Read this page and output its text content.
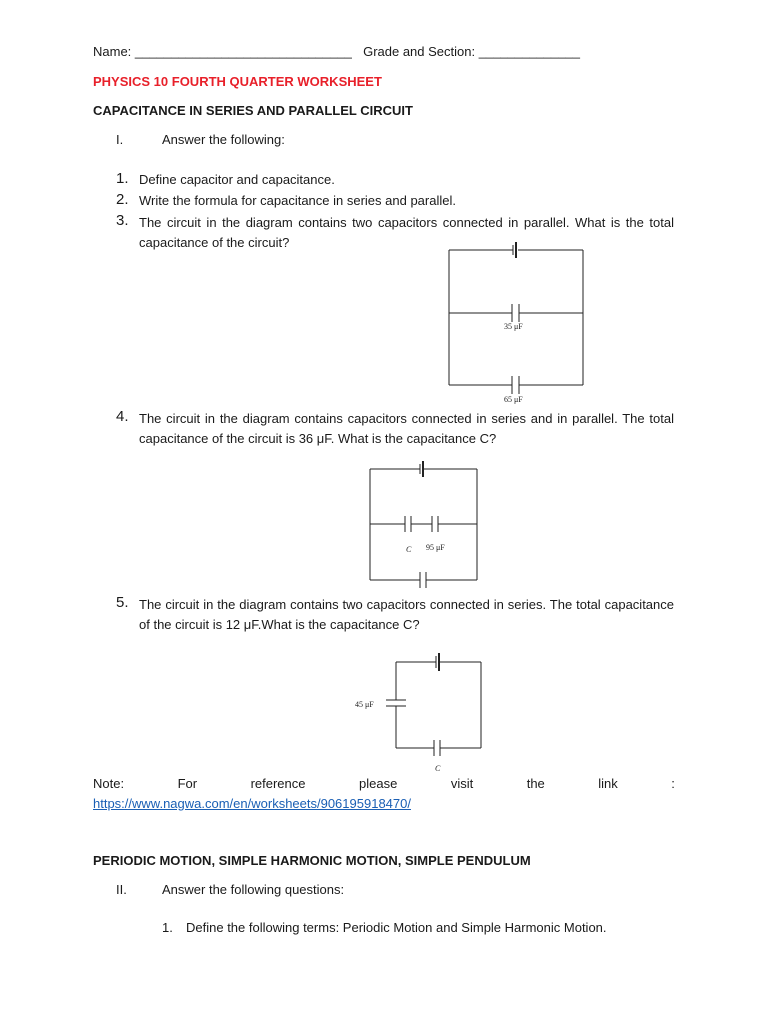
Name: ______________________________ Grade and Section: ______________
PHYSICS 10 FOURTH QUARTER WORKSHEET
CAPACITANCE IN SERIES AND PARALLEL CIRCUIT
I.	Answer the following:
1. Define capacitor and capacitance.
2. Write the formula for capacitance in series and parallel.
3. The circuit in the diagram contains two capacitors connected in parallel. What is the total capacitance of the circuit?
35 μF
65 μF
4. The circuit in the diagram contains capacitors connected in series and in parallel. The total capacitance of the circuit is 36 μF. What is the capacitance C?
C 95 μF
5. The circuit in the diagram contains two capacitors connected in series. The total capacitance of the circuit is 12 μF.What is the capacitance C?
45 μF
C
Note:	For	reference	please	visit	the	link	:
https://www.nagwa.com/en/worksheets/906195918470/
PERIODIC MOTION, SIMPLE HARMONIC MOTION, SIMPLE PENDULUM
II.	Answer the following questions:
1. Define the following terms: Periodic Motion and Simple Harmonic Motion.
